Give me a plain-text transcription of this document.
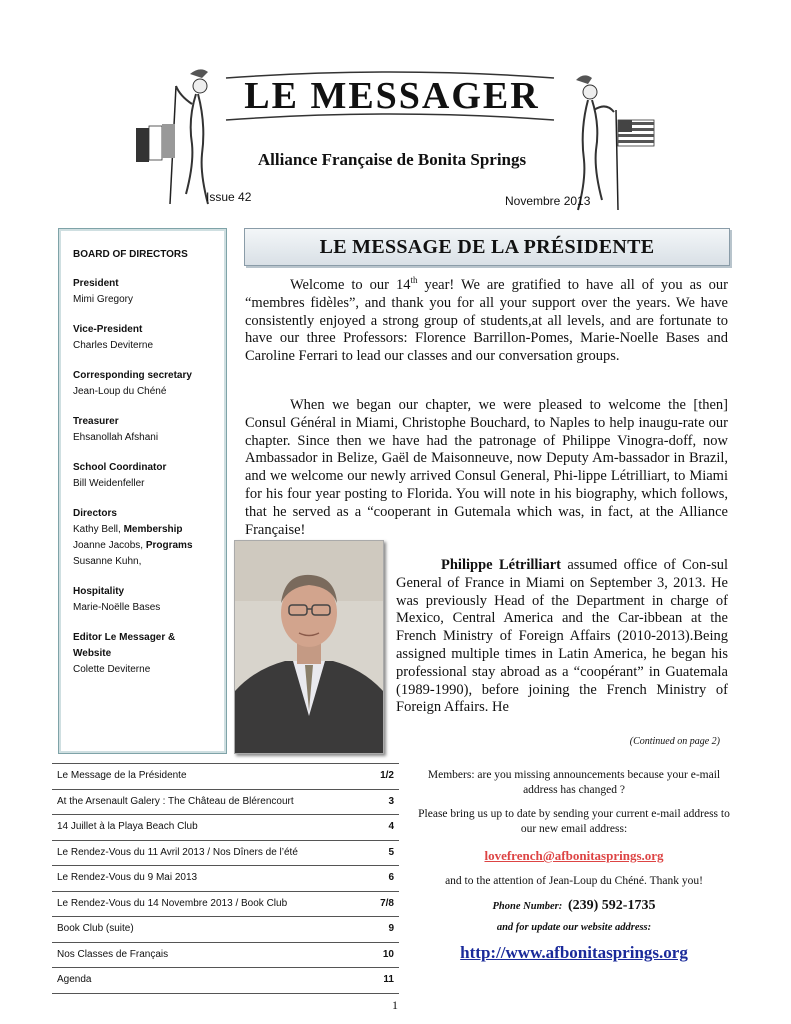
LE MESSAGER
Alliance Française de Bonita Springs
Issue 42	Novembre 2013
BOARD OF DIRECTORS
President
Mimi Gregory
Vice-President
Charles Deviterne
Corresponding secretary
Jean-Loup du Chéné
Treasurer
Ehsanollah Afshani
School Coordinator
Bill Weidenfeller
Directors
Kathy Bell, Membership
Joanne Jacobs, Programs
Susanne Kuhn,
Hospitality
Marie-Noëlle Bases
Editor Le Messager & Website
Colette Deviterne
LE MESSAGE DE LA PRÉSIDENTE
Welcome to our 14th year! We are gratified to have all of you as our “membres fidèles”, and thank you for all your support over the years. We have consistently enjoyed a strong group of students,at all levels, and are fortunate to have our three Professors: Florence Barrillon-Pomes, Marie-Noelle Bases and Caroline Ferrari to lead our classes and our conversation groups.
When we began our chapter, we were pleased to welcome the [then] Consul Général in Miami, Christophe Bouchard, to Naples to help inaugu-rate our chapter. Since then we have had the patronage of Philippe Vinogra-doff, now Ambassador in Belize, Gaël de Maisonneuve, now Deputy Am-bassador in Brazil, and we welcome our newly arrived Consul General, Phi-lippe Létrilliart, to Miami for his four year posting to Florida. You will note in his biography, which follows, that he served as a “cooperant in Gutemala which was, in fact, at the Alliance Française!
Philippe Létrilliart assumed office of Con-sul General of France in Miami on September 3, 2013. He was previously Head of the Department in charge of Mexico, Central America and the Car-ibbean at the French Ministry of Foreign Affairs (2010-2013).Being assigned multiple times in Latin America, he began his professional stay abroad as a “coopérant” in Guatemala (1989-1990), before joining the French Ministry of Foreign Affairs. He
(Continued on page 2)
Le Message de la Présidente	1/2
At the Arsenault Galery : The Château de Blérencourt	3
14 Juillet à la Playa Beach Club	4
Le Rendez-Vous du 11 Avril 2013 / Nos Dîners de l’été	5
Le Rendez-Vous du 9 Mai 2013	6
Le Rendez-Vous du 14 Novembre 2013 / Book Club	7/8
Book Club (suite)	9
Nos Classes de Français	10
Agenda	11
Members: are you missing announcements because your e-mail address has changed ?
Please bring us up to date by sending your current e-mail address to our new email address:
lovefrench@afbonitasprings.org
and to the attention of Jean-Loup du Chéné. Thank you!
Phone Number: (239) 592-1735
and for update our website address:
http://www.afbonitasprings.org
1
